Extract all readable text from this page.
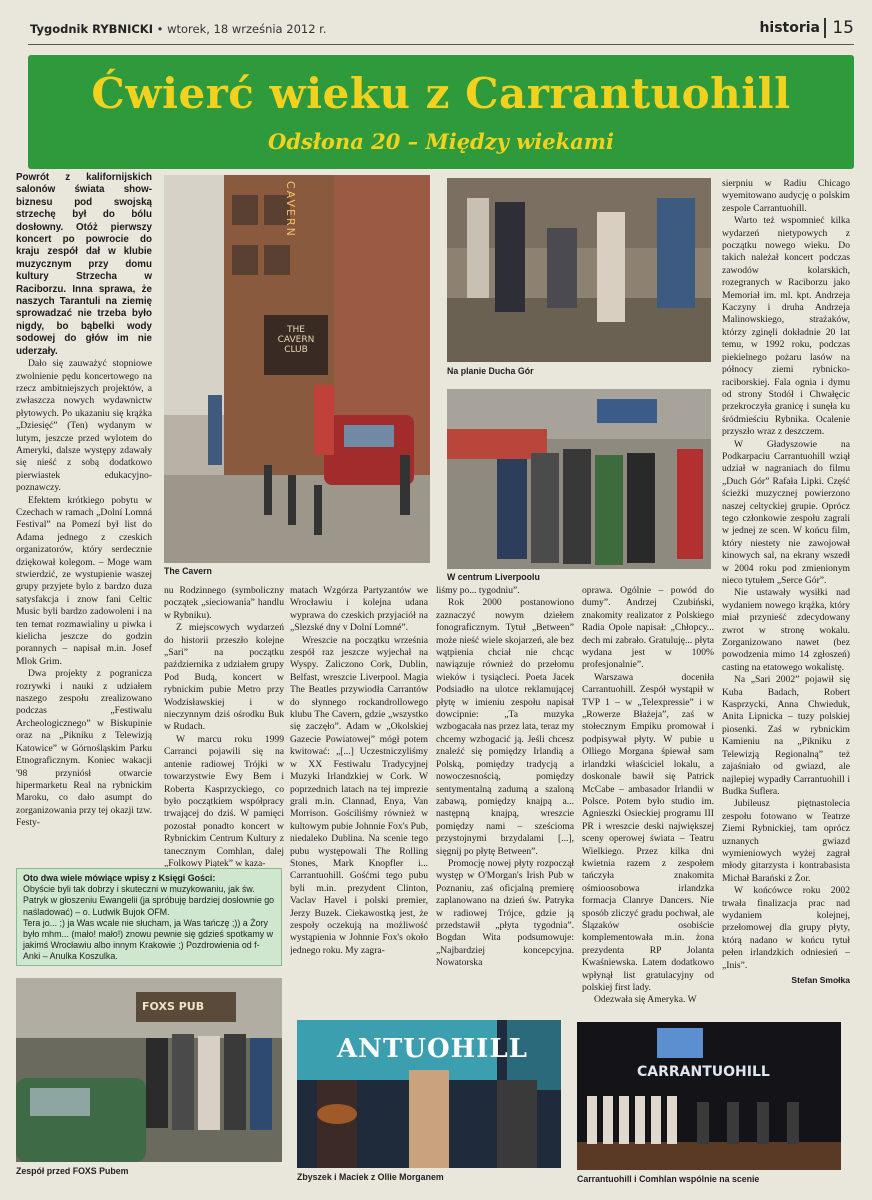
Tygodnik RYBNICKI • wtorek, 18 września 2012 r.	historia 15
Ćwierć wieku z Carrantuohill
Odsłona 20 – Między wiekami

Powrót z kalifornijskich salonów świata show-biznesu pod swojską strzechę był do bólu dosłowny. Otóż pierwszy koncert po powrocie do kraju zespół dał w klubie muzycznym przy domu kultury Strzecha w Raciborzu. Inna sprawa, że naszych Tarantuli na ziemię sprowadzać nie trzeba było nigdy, bo bąbelki wody sodowej do głów im nie uderzały.

Dało się zauważyć stopniowe zwolnienie pędu koncertowego na rzecz ambitniejszych projektów, a zwłaszcza nowych wydawnictw płytowych. Po ukazaniu się krążka „Dziesięć” (Ten) wydanym w lutym, jeszcze przed wylotem do Ameryki, dalsze występy zdawały się nieść z sobą dodatkowo pierwiastek edukacyjno-poznawczy.

Efektem krótkiego pobytu w Czechach w ramach „Dolní Lomná Festival” na Pomezí był list do Adama jednego z czeskich organizatorów, który serdecznie dziękował kolegom. – Moge wam stwierdzić, ze wystupienie waszej grupy przyjete bylo z bardzo duza satysfakcja i znow fani Celtic Music byli bardzo zadowoleni i na ten temat rozmawialiny u piwka i kieliсha jeszcze do godzin porannych – napisał m.in. Josef Mlok Grim.

Dwa projekty z pogranicza rozrywki i nauki z udziałem naszego zespołu zrealizowano podczas „Festiwalu Archeologicznego” w Biskupinie oraz na „Pikniku z Telewizją Katowice” w Górnośląskim Parku Etnograficznym. Koniec wakacji '98 przyniósł otwarcie hipermarketu Real na rybnickim Maroku, co dało asumpt do zorganizowania przy tej okazji tzw. Festy-

CAVERN
THE CAVERN CLUB
The Cavern
Na planie Ducha Gór
W centrum Liverpoolu

sierpniu w Radiu Chicago wyemitowano audycję o polskim zespole Carrantuohill.

Warto też wspomnieć kilka wydarzeń nietypowych z początku nowego wieku. Do takich należał koncert podczas zawodów kolarskich, rozegranych w Raciborzu jako Memoriał im. ml. kpt. Andrzeja Kaczyny i druha Andrzeja Malinowskiego, strażaków, którzy zginęli dokładnie 20 lat temu, w 1992 roku, podczas piekielnego pożaru lasów na północy ziemi rybnicko-raciborskiej. Fala ognia i dymu od strony Stodół i Chwałęcic przekroczyła granicę i sunęła ku śródmieściu Rybnika. Ocalenie przyszło wraz z deszczem.

W Gładyszowie na Podkarpaciu Carrantuohill wziął udział w nagraniach do filmu „Duch Gór” Rafała Lipki. Część ścieżki muzycznej powierzono naszej celtyckiej grupie. Oprócz tego członkowie zespołu zagrali w jednej ze scen. W końcu film, który niestety nie zawojował kinowych sal, na ekrany wszedł w 2004 roku pod zmienionym nieco tytułem „Serce Gór”.

Nie ustawały wysiłki nad wydaniem nowego krążka, który miał przynieść zdecydowany zwrot w stronę wokalu. Zorganizowano nawet (bez powodzenia mimo 14 zgłoszeń) casting na etatowego wokalistę.

Na „Sari 2002” pojawił się Kuba Badach, Robert Kasprzycki, Anna Chwieduk, Anita Lipnicka – tuzy polskiej piosenki. Zaś w rybnickim Kamieniu na „Pikniku z Telewizją Regionalną” też zajaśniało od gwiazd, ale najlepiej wypadły Carrantuohill i Budka Suflera.

Jubileusz piętnastolecia zespołu fotowano w Teatrze Ziemi Rybnickiej, tam oprócz uznanych gwiazd wymieniowych wyżej zagrał młody gitarzysta i kontrabasista Michał Barański z Żor.

W końcówce roku 2002 trwała finalizacja prac nad wydaniem kolejnej, przełomowej dla grupy płyty, którą nadano w końcu tytuł pełen irlandzkich odniesień – „Inis”.

Stefan Smołka

nu Rodzinnego (symboliczny początek „sieciowania” handlu w Rybniku).

Z miejscowych wydarzeń do historii przeszło kolejne „Sari” na początku października z udziałem grupy Pod Budą, koncert w rybnickim pubie Metro przy Wodzisławskiej i w nieczynnym dziś ośrodku Buk w Rudach.

W marcu roku 1999 Carranci pojawili się na antenie radiowej Trójki w towarzystwie Ewy Bem i Roberta Kasprzyckiego, co było początkiem współpracy trwającej do dziś. W pamięci pozostał ponadto koncert w Rybnickim Centrum Kultury z tanecznym Comhlan, dalej „Folkowy Piątek” w kaza-

matach Wzgórza Partyzantów we Wrocławiu i kolejna udana wyprawa do czeskich przyjaciół na „Slezské dny v Dolní Lomné”.

Wreszcie na początku września zespół raz jeszcze wyjechał na Wyspy. Zaliczono Cork, Dublin, Belfast, wreszcie Liverpool. Magia The Beatles przywiodła Carrantów do słynnego rockandrollowego klubu The Cavern, gdzie „wszystko się zaczęło”. Adam w „Okolskiej Gazecie Powiatowej” mógł potem kwitować: „[...] Uczestniczyliśmy w XX Festiwalu Tradycyjnej Muzyki Irlandzkiej w Cork. W poprzednich latach na tej imprezie grali m.in. Clannad, Enya, Van Morrison. Gościliśmy również w kultowym pubie Johnnie Fox's Pub, niedaleko Dublina. Na scenie tego pubu występowali The Rolling Stones, Mark Knopfler i... Carrantuohill. Gośćmi tego pubu byli m.in. prezydent Clinton, Vaclav Havel i polski premier, Jerzy Buzek. Ciekawostką jest, że zespoły oczekują na możliwość wystąpienia w Johnnie Fox's około jednego roku. My zagra-

liśmy po... tygodniu”.

Rok 2000 postanowiono zaznaczyć nowym dziełem fonograficznym. Tytuł „Between” może nieść wiele skojarzeń, ale bez wątpienia chciał nie chcąc nawiązuje również do przełomu wieków i tysiącleci. Poeta Jacek Podsiadło na ulotce reklamującej płytę w imieniu zespołu napisał dowcipnie: „Ta muzyka wzbogacała nas przez lata, teraz my chcemy wzbogacić ją. Jeśli chcesz znaleźć się pomiędzy Irlandią a Polską, pomiędzy tradycją a nowoczesnością, pomiędzy sentymentalną zadumą a szaloną zabawą, pomiędzy knajpą a... następną knajpą, wreszcie pomiędzy nami – sześcioma przystojnymi brzydalami [...], sięgnij po płytę Between”.

Promocję nowej płyty rozpoczął występ w O'Morgan's Irish Pub w Poznaniu, zaś oficjalną premierę zaplanowano na dzień św. Patryka w radiowej Trójce, gdzie ją przedstawił „płyta tygodnia”. Bogdan Wita podsumowuje: „Najbardziej koncepcyjna. Nowatorska

oprawa. Ogólnie – powód do dumy”. Andrzej Czubiński, znakomity realizator z Polskiego Radia Opole napisał: „Chłopcy... dech mi zabrało. Gratuluję... płyta wydana jest w 100% profesjonalnie”.

Warszawa doceniła Carrantuohill. Zespół wystąpił w TVP 1 – w „Telexpressie” i w „Rowerze Błażeja”, zaś w stołecznym Empiku promował i podpisywał płyty. W pubie u Olliego Morgana śpiewał sam irlandzki właściciel lokalu, a doskonale bawił się Patrick McCabe – ambasador Irlandii w Polsce. Potem było studio im. Agnieszki Osieckiej programu III PR i wreszcie deski największej sceny operowej świata – Teatru Wielkiego. Przez kilka dni kwietnia razem z zespołem tańczyła znakomita ośmioosobowa irlandzka formacja Clanrye Dancers. Nie sposób zliczyć gradu pochwał, ale Ślązaków osobiście komplementowała m.in. żona prezydenta RP Jolanta Kwaśniewska. Latem dodatkowo wpłynął list gratulacyjny od polskiej first lady.

Odezwała się Ameryka. W

Oto dwa wiele mówiące wpisy z Księgi Gości:
Obyście byli tak dobrzy i skuteczni w muzykowaniu, jak św. Patryk w głoszeniu Ewangelii (ja spróbuję bardziej dosłownie go naśladować) – o. Ludwik Bujok OFM.
Tera jo... ;) ja Was wcale nie słucham, ja Was tańczę ;)) a Żory było mhm... (mało! mało!) znowu pewnie się gdzieś spotkamy w jakimś Wrocławiu albo innym Krakowie ;) Pozdrowienia od f-Anki – Anulka Koszulka.
FOXS PUB
Zespół przed FOXS Pubem
ANTUOHILL
Zbyszek i Maciek z Ollie Morganem
CARRANTUOHILL
Carrantuohill i Comhlan wspólnie na scenie
